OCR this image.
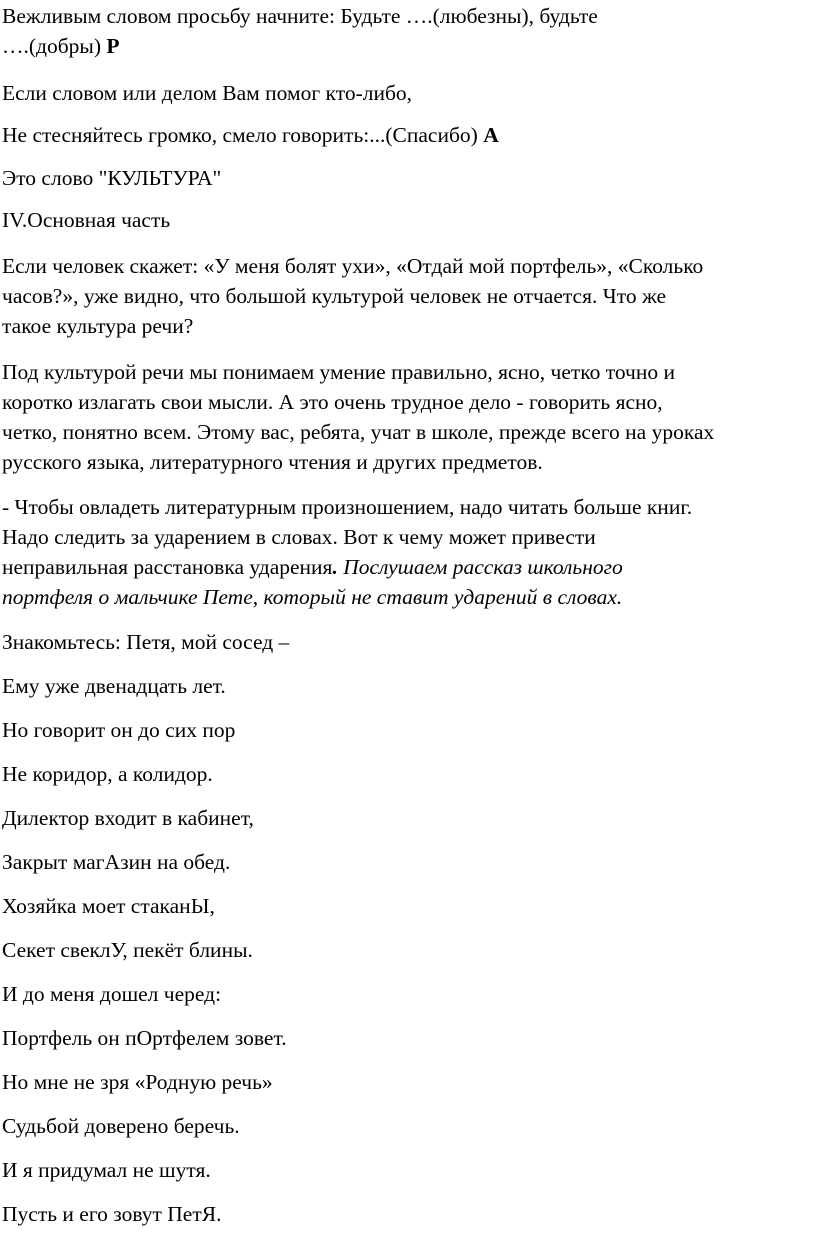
Вежливым словом просьбу начните: Будьте ….(любезны), будьте
….(добры) Р
Если словом или делом Вам помог кто-либо,
Не стесняйтесь громко, смело говорить:...(Спасибо) А
Это слово "КУЛЬТУРА"
IV.Основная часть
Если человек скажет: «У меня болят ухи», «Отдай мой портфель», «Сколько
часов?», уже видно, что большой культурой человек не отчается. Что же
такое культура речи?
Под культурой речи мы понимаем умение правильно, ясно, четко точно и
коротко излагать свои мысли. А это очень трудное дело - говорить ясно,
четко, понятно всем. Этому вас, ребята, учат в школе, прежде всего на уроках
русского языка, литературного чтения и других предметов.
- Чтобы овладеть литературным произношением, надо читать больше книг.
Надо следить за ударением в словах. Вот к чему может привести
неправильная расстановка ударения. Послушаем рассказ школьного
портфеля о мальчике Пете, который не ставит ударений в словах.
Знакомьтесь: Петя, мой сосед –
Ему уже двенадцать лет.
Но говорит он до сих пор
Не коридор, а колидор.
Дилектор входит в кабинет,
Закрыт магАзин на обед.
Хозяйка моет стаканЫ,
Секет свеклУ, пекёт блины.
И до меня дошел черед:
Портфель он пОртфелем зовет.
Но мне не зря «Родную речь»
Судьбой доверено беречь.
И я придумал не шутя.
Пусть и его зовут ПетЯ.
